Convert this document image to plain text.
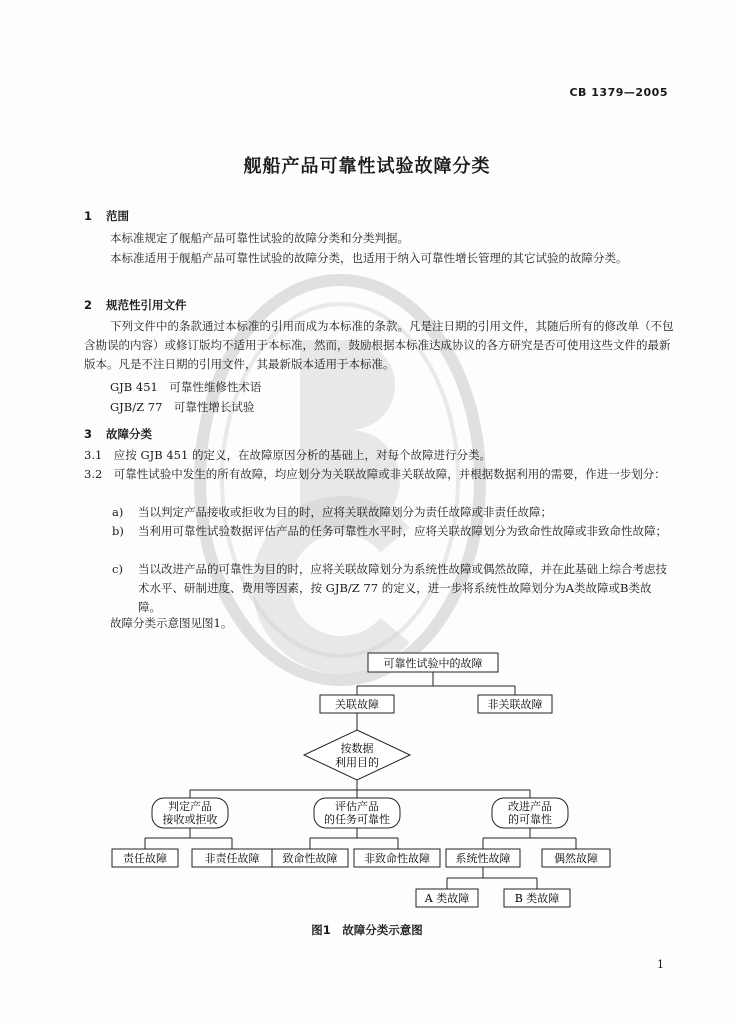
CB 1379—2005
舰船产品可靠性试验故障分类
1 范围
本标准规定了舰船产品可靠性试验的故障分类和分类判据。
本标准适用于舰船产品可靠性试验的故障分类，也适用于纳入可靠性增长管理的其它试验的故障分类。
2 规范性引用文件
下列文件中的条款通过本标准的引用而成为本标准的条款。凡是注日期的引用文件，其随后所有的修改单（不包含勘误的内容）或修订版均不适用于本标准，然而，鼓励根据本标准达成协议的各方研究是否可使用这些文件的最新版本。凡是不注日期的引用文件，其最新版本适用于本标准。
GJB 451　可靠性维修性术语
GJB/Z 77　可靠性增长试验
3 故障分类
3.1　 应按 GJB 451 的定义，在故障原因分析的基础上，对每个故障进行分类。
3.2　 可靠性试验中发生的所有故障，均应划分为关联故障或非关联故障，并根据数据利用的需要，作进一步划分：
a)	当以判定产品接收或拒收为目的时，应将关联故障划分为责任故障或非责任故障；
b)	当利用可靠性试验数据评估产品的任务可靠性水平时，应将关联故障划分为致命性故障或非致命性故障；
c)	当以改进产品的可靠性为目的时，应将关联故障划分为系统性故障或偶然故障，并在此基础上综合考虑技术水平、研制进度、费用等因素，按 GJB/Z 77 的定义，进一步将系统性故障划分为A类故障或B类故障。
故障分类示意图见图1。
可靠性试验中的故障
关联故障	非关联故障
按数据
利用目的
判定产品
接收或拒收
评估产品
的任务可靠性
改进产品
的可靠性
责任故障	非责任故障 致命性故障 非致命性故障 系统性故障	偶然故障
A 类故障	B 类故障
图1　故障分类示意图
1
